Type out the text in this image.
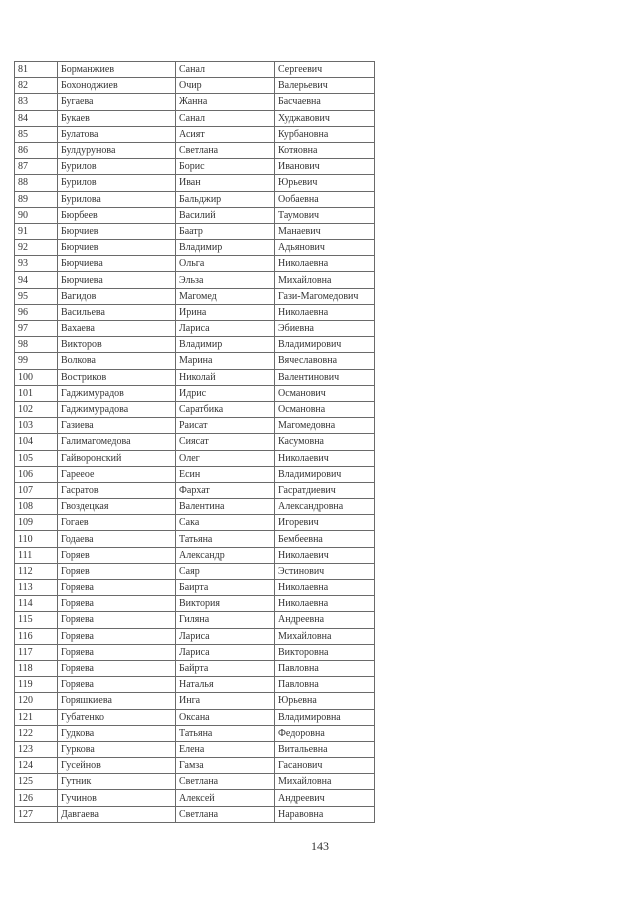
81	Борманжиев	Санал	Сергеевич
82	Бохоноджиев	Очир	Валерьевич
83	Бугаева	Жанна	Басчаевна
84	Букаев	Санал	Худжавович
85	Булатова	Асият	Курбановна
86	Булдурунова	Светлана	Котяовна
87	Бурилов	Борис	Иванович
88	Бурилов	Иван	Юрьевич
89	Бурилова	Бальджир	Ообаевна
90	Бюрбеев	Василий	Таумович
91	Бюрчиев	Баатр	Манаевич
92	Бюрчиев	Владимир	Адьянович
93	Бюрчиева	Ольга	Николаевна
94	Бюрчиева	Эльза	Михайловна
95	Вагидов	Магомед	Гази-Магомедович
96	Васильева	Ирина	Николаевна
97	Вахаева	Лариса	Эбиевна
98	Викторов	Владимир	Владимирович
99	Волкова	Марина	Вячеславовна
100	Востриков	Николай	Валентинович
101	Гаджимурадов	Идрис	Османович
102	Гаджимурадова	Саратбика	Османовна
103	Газиева	Раисат	Магомедовна
104	Галимагомедова	Сиясат	Касумовна
105	Гайворонский	Олег	Николаевич
106	Гарееое	Есин	Владимирович
107	Гасратов	Фархат	Гасратдиевич
108	Гвоздецкая	Валентина	Александровна
109	Гогаев	Сака	Игоревич
110	Годаева	Татьяна	Бембеевна
111	Горяев	Александр	Николаевич
112	Горяев	Саяр	Эстинович
113	Горяева	Баирта	Николаевна
114	Горяева	Виктория	Николаевна
115	Горяева	Гиляна	Андреевна
116	Горяева	Лариса	Михайловна
117	Горяева	Лариса	Викторовна
118	Горяева	Байрта	Павловна
119	Горяева	Наталья	Павловна
120	Горяшкиева	Инга	Юрьевна
121	Губатенко	Оксана	Владимировна
122	Гудкова	Татьяна	Федоровна
123	Гуркова	Елена	Витальевна
124	Гусейнов	Гамза	Гасанович
125	Гутник	Светлана	Михайловна
126	Гучинов	Алексей	Андреевич
127	Давгаева	Светлана	Наравовна
143
